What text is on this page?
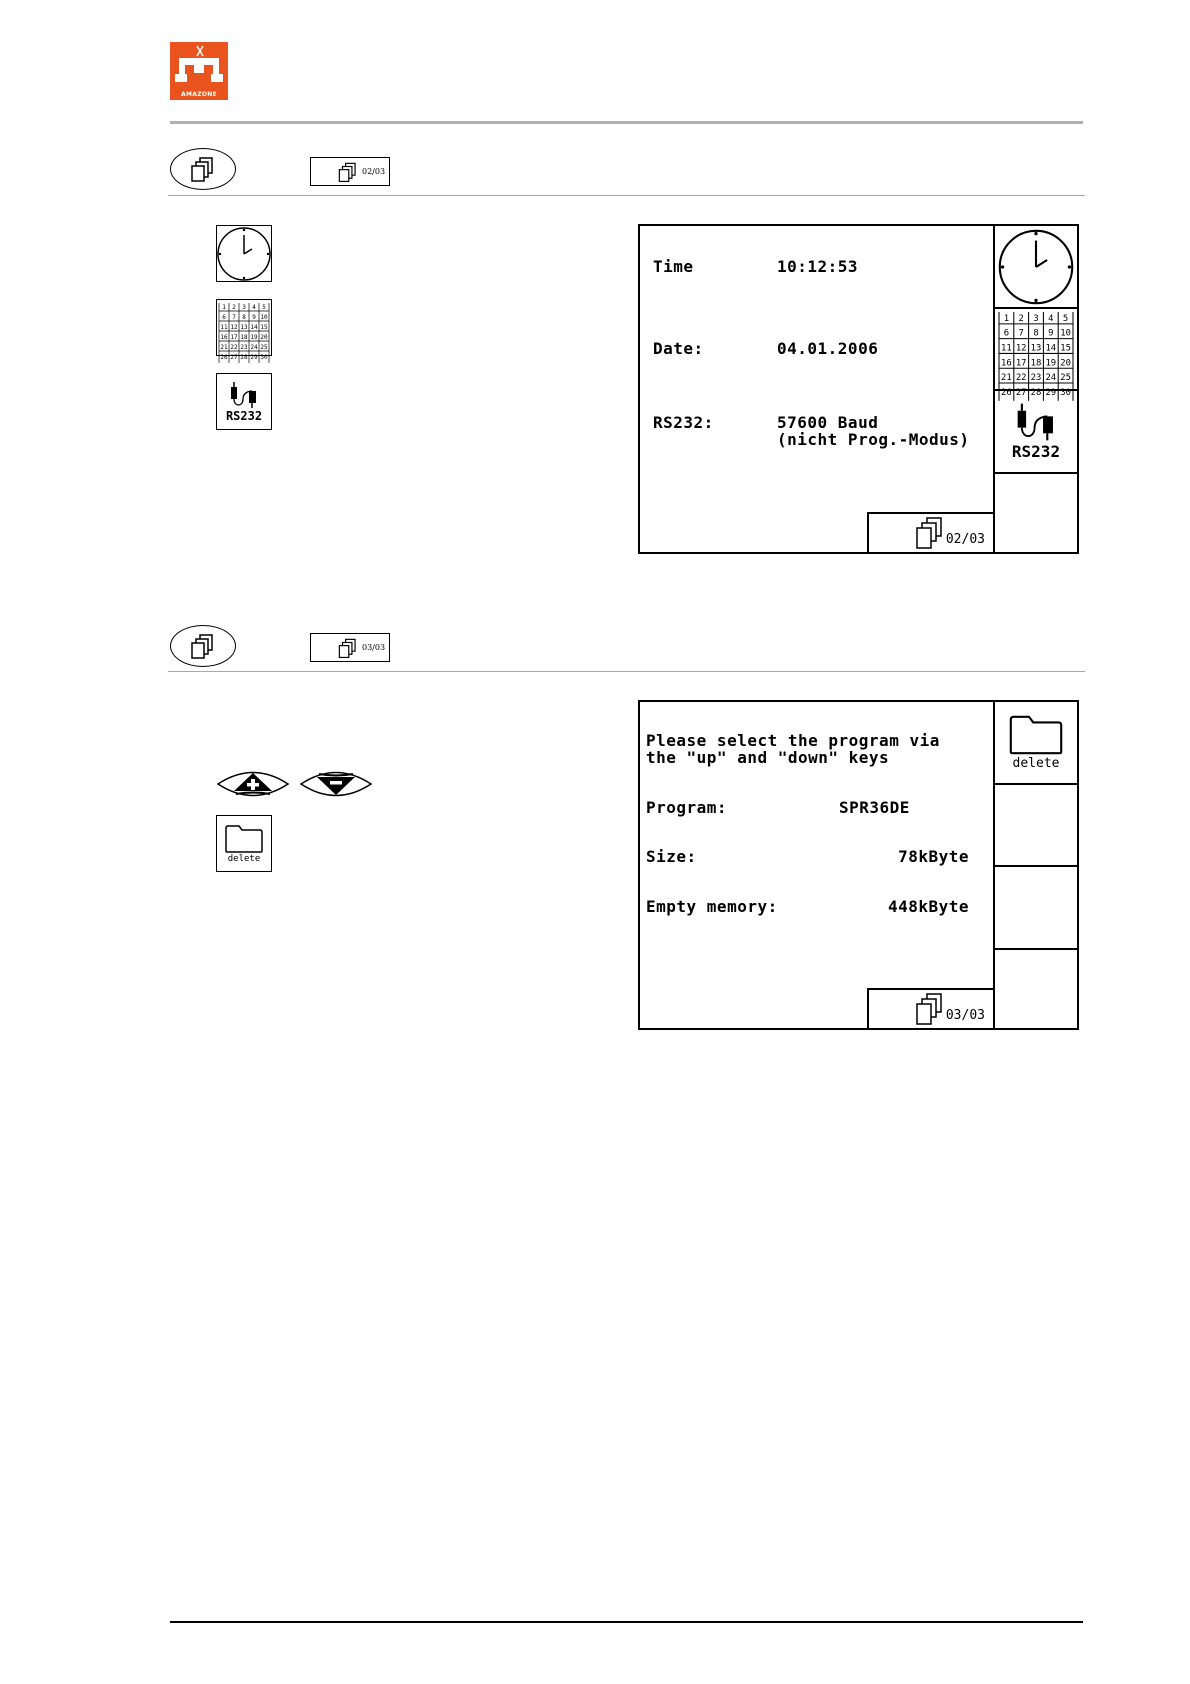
AMAZONE
02/03
1 2 3 4 5
6 7 8 9 10
11 12 13 14 15
16 17 18 19 20
21 22 23 24 25
26 27 28 29 30
RS232
Time	10:12:53
Date:	04.01.2006
RS232:	57600 Baud
(nicht Prog.-Modus)
02/03
1 2 3 4 5
6 7 8 9 10
11 12 13 14 15
16 17 18 19 20
21 22 23 24 25
26 27 28 29 30
RS232
03/03
delete
Please select the program via
the "up" and "down" keys
Program:	SPR36DE
Size:	78kByte
Empty memory:	448kByte
03/03
delete
